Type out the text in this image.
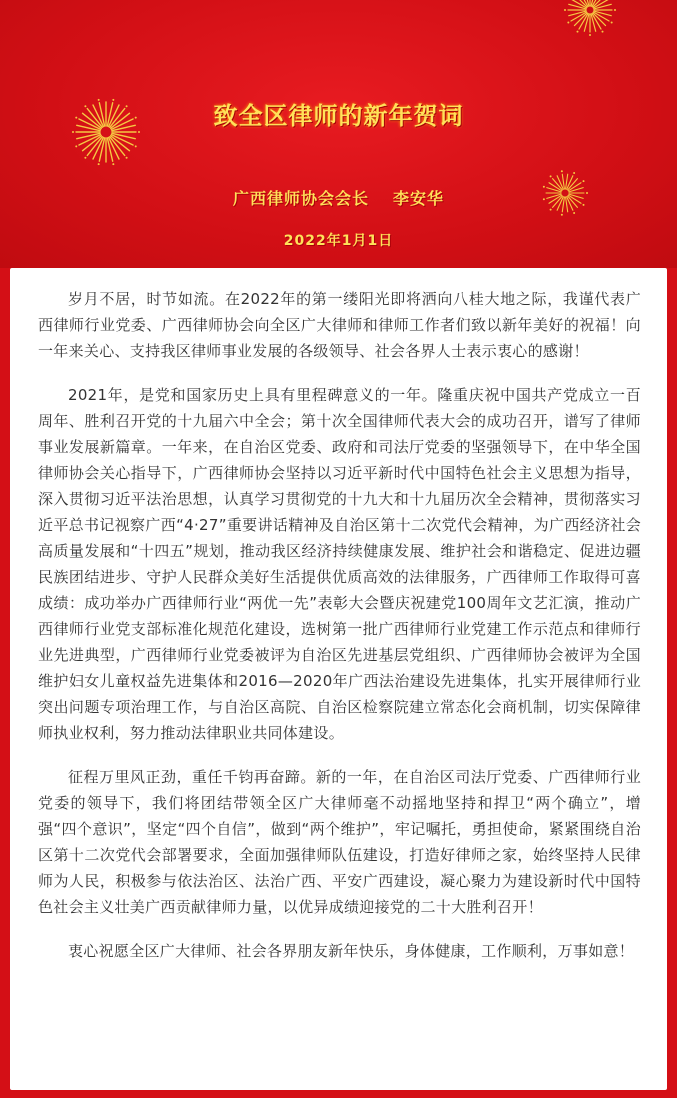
致全区律师的新年贺词
广西律师协会会长 李安华
2022年1月1日

岁月不居，时节如流。在2022年的第一缕阳光即将洒向八桂大地之际，我谨代表广西律师行业党委、广西律师协会向全区广大律师和律师工作者们致以新年美好的祝福！向一年来关心、支持我区律师事业发展的各级领导、社会各界人士表示衷心的感谢！

2021年，是党和国家历史上具有里程碑意义的一年。隆重庆祝中国共产党成立一百周年、胜利召开党的十九届六中全会；第十次全国律师代表大会的成功召开，谱写了律师事业发展新篇章。一年来，在自治区党委、政府和司法厅党委的坚强领导下，在中华全国律师协会关心指导下，广西律师协会坚持以习近平新时代中国特色社会主义思想为指导，深入贯彻习近平法治思想，认真学习贯彻党的十九大和十九届历次全会精神，贯彻落实习近平总书记视察广西“4·27”重要讲话精神及自治区第十二次党代会精神，为广西经济社会高质量发展和“十四五”规划，推动我区经济持续健康发展、维护社会和谐稳定、促进边疆民族团结进步、守护人民群众美好生活提供优质高效的法律服务，广西律师工作取得可喜成绩：成功举办广西律师行业“两优一先”表彰大会暨庆祝建党100周年文艺汇演，推动广西律师行业党支部标准化规范化建设，选树第一批广西律师行业党建工作示范点和律师行业先进典型，广西律师行业党委被评为自治区先进基层党组织、广西律师协会被评为全国维护妇女儿童权益先进集体和2016—2020年广西法治建设先进集体，扎实开展律师行业突出问题专项治理工作，与自治区高院、自治区检察院建立常态化会商机制，切实保障律师执业权利，努力推动法律职业共同体建设。

征程万里风正劲，重任千钧再奋蹄。新的一年，在自治区司法厅党委、广西律师行业党委的领导下，我们将团结带领全区广大律师毫不动摇地坚持和捍卫“两个确立”，增强“四个意识”，坚定“四个自信”，做到“两个维护”，牢记嘱托，勇担使命，紧紧围绕自治区第十二次党代会部署要求，全面加强律师队伍建设，打造好律师之家，始终坚持人民律师为人民，积极参与依法治区、法治广西、平安广西建设，凝心聚力为建设新时代中国特色社会主义壮美广西贡献律师力量，以优异成绩迎接党的二十大胜利召开！

衷心祝愿全区广大律师、社会各界朋友新年快乐，身体健康，工作顺利，万事如意！
